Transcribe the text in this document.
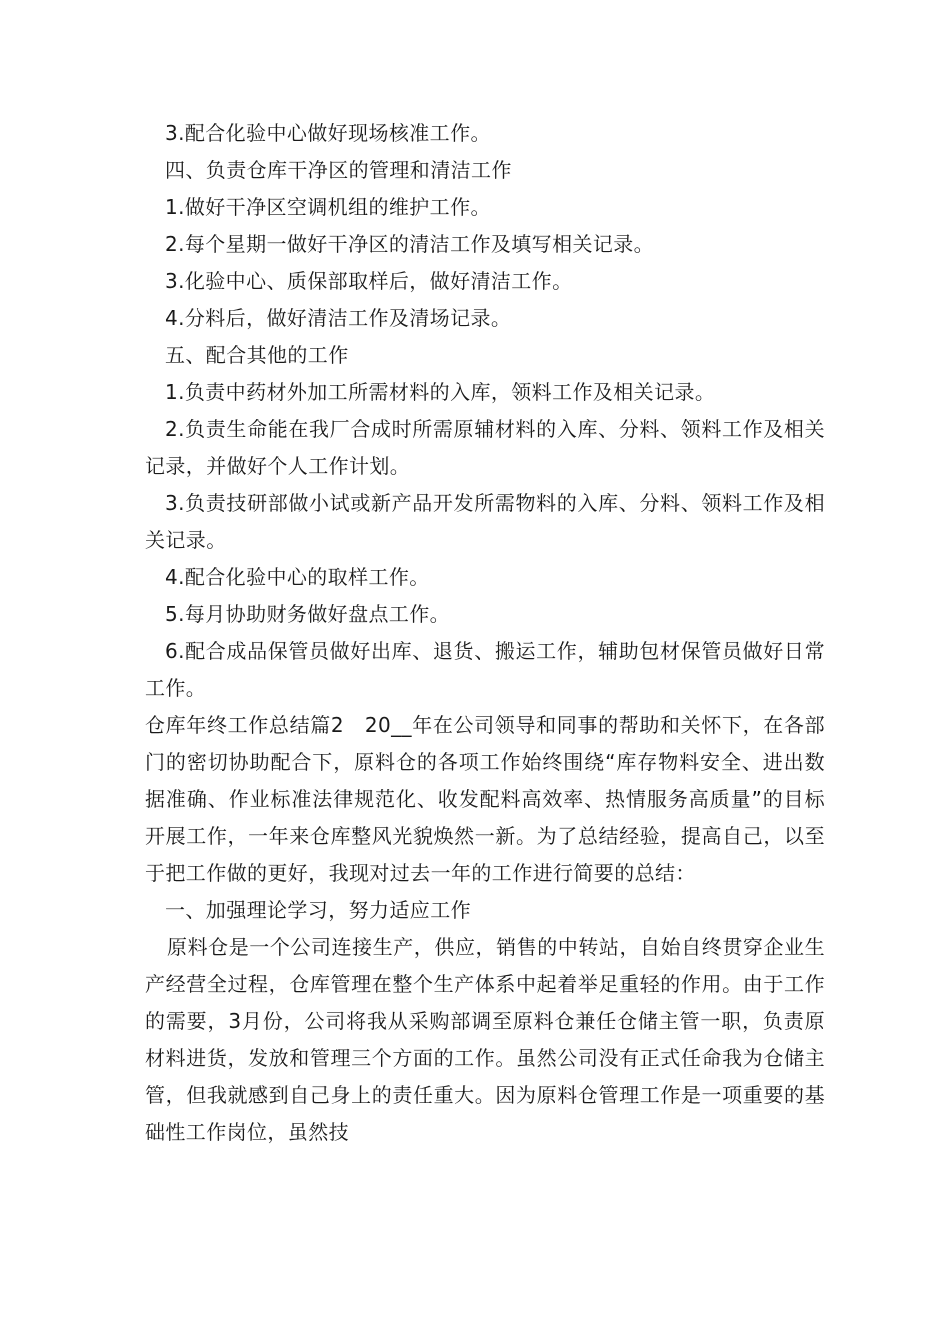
3.配合化验中心做好现场核准工作。

四、负责仓库干净区的管理和清洁工作

1.做好干净区空调机组的维护工作。

2.每个星期一做好干净区的清洁工作及填写相关记录。

3.化验中心、质保部取样后，做好清洁工作。

4.分料后，做好清洁工作及清场记录。

五、配合其他的工作

1.负责中药材外加工所需材料的入库，领料工作及相关记录。

2.负责生命能在我厂合成时所需原辅材料的入库、分料、领料工作及相关记录，并做好个人工作计划。

3.负责技研部做小试或新产品开发所需物料的入库、分料、领料工作及相关记录。

4.配合化验中心的取样工作。

5.每月协助财务做好盘点工作。

6.配合成品保管员做好出库、退货、搬运工作，辅助包材保管员做好日常工作。

仓库年终工作总结篇2　20__年在公司领导和同事的帮助和关怀下，在各部门的密切协助配合下，原料仓的各项工作始终围绕“库存物料安全、进出数据准确、作业标准法律规范化、收发配料高效率、热情服务高质量”的目标开展工作，一年来仓库整风光貌焕然一新。为了总结经验，提高自己，以至于把工作做的更好，我现对过去一年的工作进行简要的总结：

一、加强理论学习，努力适应工作

原料仓是一个公司连接生产，供应，销售的中转站，自始自终贯穿企业生产经营全过程，仓库管理在整个生产体系中起着举足重轻的作用。由于工作的需要，3月份，公司将我从采购部调至原料仓兼任仓储主管一职，负责原材料进货，发放和管理三个方面的工作。虽然公司没有正式任命我为仓储主管，但我就感到自己身上的责任重大。因为原料仓管理工作是一项重要的基础性工作岗位，虽然技
